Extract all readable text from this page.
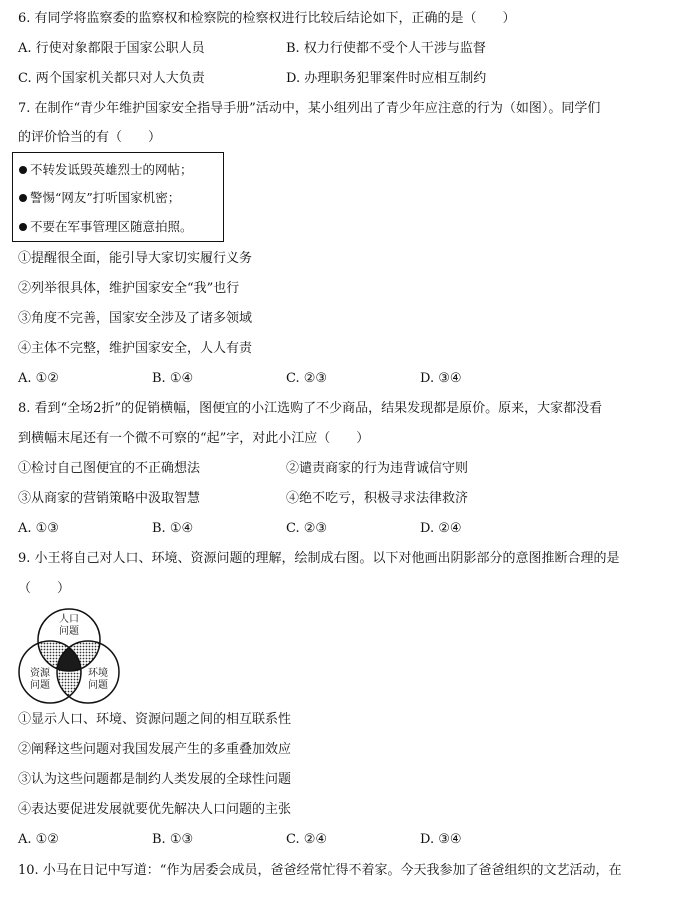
6. 有同学将监察委的监察权和检察院的检察权进行比较后结论如下，正确的是（　　）
A. 行使对象都限于国家公职人员	B. 权力行使都不受个人干涉与监督
C. 两个国家机关都只对人大负责	D. 办理职务犯罪案件时应相互制约
7. 在制作“青少年维护国家安全指导手册”活动中，某小组列出了青少年应注意的行为（如图）。同学们
的评价恰当的有（　　）
不转发诋毁英雄烈士的网帖；
警惕“网友”打听国家机密；
不要在军事管理区随意拍照。
①提醒很全面，能引导大家切实履行义务
②列举很具体，维护国家安全“我”也行
③角度不完善，国家安全涉及了诸多领域
④主体不完整，维护国家安全，人人有责
A. ①②	B. ①④	C. ②③	D. ③④
8. 看到“全场2折”的促销横幅，图便宜的小江选购了不少商品，结果发现都是原价。原来，大家都没看
到横幅末尾还有一个微不可察的“起”字，对此小江应（　　）
①检讨自己图便宜的不正确想法	②谴责商家的行为违背诚信守则
③从商家的营销策略中汲取智慧	④绝不吃亏，积极寻求法律救济
A. ①③	B. ①④	C. ②③	D. ②④
9. 小王将自己对人口、环境、资源问题的理解，绘制成右图。以下对他画出阴影部分的意图推断合理的是
（　　）
人口
问题
资源
问题
环境
问题
①显示人口、环境、资源问题之间的相互联系性
②阐释这些问题对我国发展产生的多重叠加效应
③认为这些问题都是制约人类发展的全球性问题
④表达要促进发展就要优先解决人口问题的主张
A. ①②	B. ①③	C. ②④	D. ③④
10. 小马在日记中写道：“作为居委会成员，爸爸经常忙得不着家。今天我参加了爸爸组织的文艺活动，在
